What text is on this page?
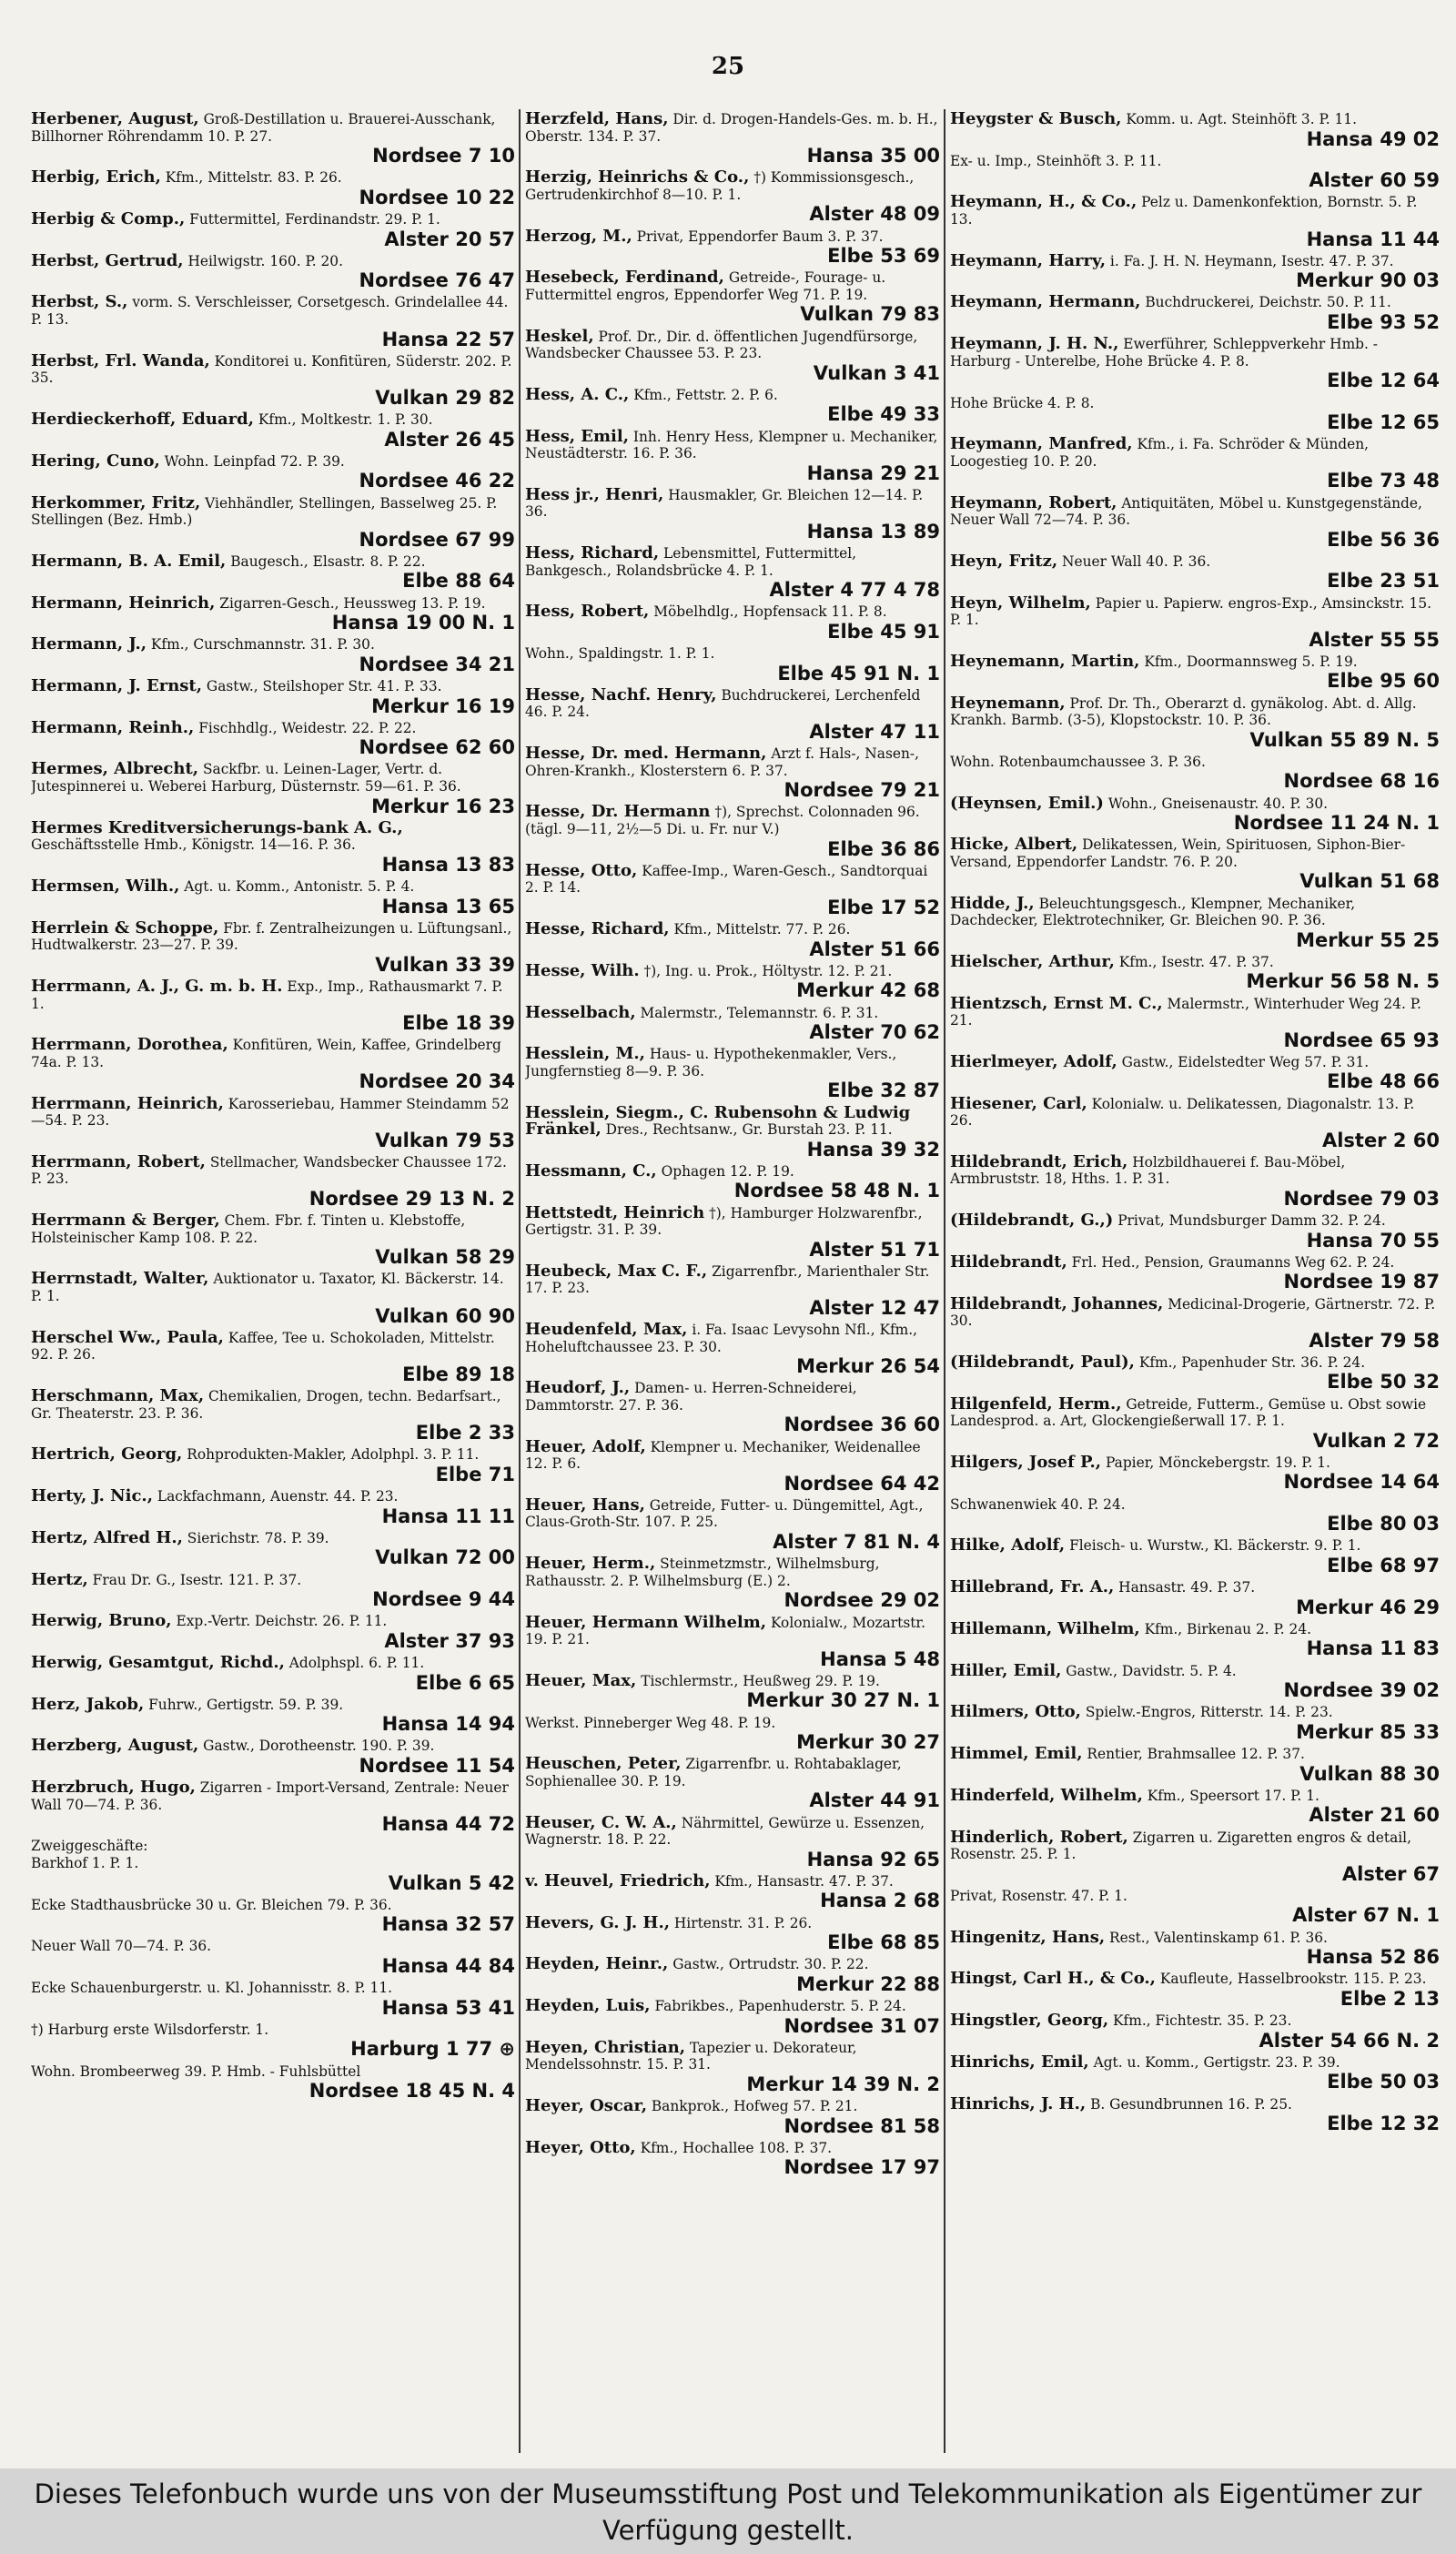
25
Herbener, August, Groß-Destillation u. Brauerei-Ausschank, Billhorner Röhrendamm 10. P. 27.
Nordsee 7 10
Herbig, Erich, Kfm., Mittelstr. 83. P. 26.
Nordsee 10 22
Herbig & Comp., Futtermittel, Ferdinandstr. 29. P. 1.
Alster 20 57
Herbst, Gertrud, Heilwigstr. 160. P. 20.
Nordsee 76 47
Herbst, S., vorm. S. Verschleisser, Corsetgesch. Grindelallee 44. P. 13.
Hansa 22 57
Herbst, Frl. Wanda, Konditorei u. Konfitüren, Süderstr. 202. P. 35.
Vulkan 29 82
Herdieckerhoff, Eduard, Kfm., Moltkestr. 1. P. 30.
Alster 26 45
Hering, Cuno, Wohn. Leinpfad 72. P. 39.
Nordsee 46 22
Herkommer, Fritz, Viehhändler, Stellingen, Basselweg 25. P. Stellingen (Bez. Hmb.)
Nordsee 67 99
Hermann, B. A. Emil, Baugesch., Elsastr. 8. P. 22.
Elbe 88 64
Hermann, Heinrich, Zigarren-Gesch., Heussweg 13. P. 19.
Hansa 19 00 N. 1
Hermann, J., Kfm., Curschmannstr. 31. P. 30.
Nordsee 34 21
Hermann, J. Ernst, Gastw., Steilshoper Str. 41. P. 33.
Merkur 16 19
Hermann, Reinh., Fischhdlg., Weidestr. 22. P. 22.
Nordsee 62 60
Hermes, Albrecht, Sackfbr. u. Leinen-Lager, Vertr. d. Jutespinnerei u. Weberei Harburg, Düsternstr. 59—61. P. 36.
Merkur 16 23
Hermes Kreditversicherungs-bank A. G., Geschäftsstelle Hmb., Königstr. 14—16. P. 36.
Hansa 13 83
Hermsen, Wilh., Agt. u. Komm., Antonistr. 5. P. 4.
Hansa 13 65
Herrlein & Schoppe, Fbr. f. Zentralheizungen u. Lüftungsanl., Hudtwalkerstr. 23—27. P. 39.
Vulkan 33 39
Herrmann, A. J., G. m. b. H. Exp., Imp., Rathausmarkt 7. P. 1.
Elbe 18 39
Herrmann, Dorothea, Konfitüren, Wein, Kaffee, Grindelberg 74a. P. 13.
Nordsee 20 34
Herrmann, Heinrich, Karosseriebau, Hammer Steindamm 52—54. P. 23.
Vulkan 79 53
Herrmann, Robert, Stellmacher, Wandsbecker Chaussee 172. P. 23.
Nordsee 29 13 N. 2
Herrmann & Berger, Chem. Fbr. f. Tinten u. Klebstoffe, Holsteinischer Kamp 108. P. 22.
Vulkan 58 29
Herrnstadt, Walter, Auktionator u. Taxator, Kl. Bäckerstr. 14. P. 1.
Vulkan 60 90
Herschel Ww., Paula, Kaffee, Tee u. Schokoladen, Mittelstr. 92. P. 26.
Elbe 89 18
Herschmann, Max, Chemikalien, Drogen, techn. Bedarfsart., Gr. Theaterstr. 23. P. 36.
Elbe 2 33
Hertrich, Georg, Rohprodukten-Makler, Adolphpl. 3. P. 11.
Elbe 71
Herty, J. Nic., Lackfachmann, Auenstr. 44. P. 23.
Hansa 11 11
Hertz, Alfred H., Sierichstr. 78. P. 39.
Vulkan 72 00
Hertz, Frau Dr. G., Isestr. 121. P. 37.
Nordsee 9 44
Herwig, Bruno, Exp.-Vertr. Deichstr. 26. P. 11.
Alster 37 93
Herwig, Gesamtgut, Richd., Adolphspl. 6. P. 11.
Elbe 6 65
Herz, Jakob, Fuhrw., Gertigstr. 59. P. 39.
Hansa 14 94
Herzberg, August, Gastw., Dorotheenstr. 190. P. 39.
Nordsee 11 54
Herzbruch, Hugo, Zigarren - Import-Versand, Zentrale: Neuer Wall 70—74. P. 36.
Hansa 44 72
Zweiggeschäfte:
Barkhof 1. P. 1.
Vulkan 5 42
Ecke Stadthausbrücke 30 u. Gr. Bleichen 79. P. 36.
Hansa 32 57
Neuer Wall 70—74. P. 36.
Hansa 44 84
Ecke Schauenburgerstr. u. Kl. Johannisstr. 8. P. 11.
Hansa 53 41
†) Harburg erste Wilsdorferstr. 1.
Harburg 1 77 ⊕
Wohn. Brombeerweg 39. P. Hmb. - Fuhlsbüttel
Nordsee 18 45 N. 4
Herzfeld, Hans, Dir. d. Drogen-Handels-Ges. m. b. H., Oberstr. 134. P. 37.
Hansa 35 00
Herzig, Heinrichs & Co., †) Kommissionsgesch., Gertrudenkirchhof 8—10. P. 1.
Alster 48 09
Herzog, M., Privat, Eppendorfer Baum 3. P. 37.
Elbe 53 69
Hesebeck, Ferdinand, Getreide-, Fourage- u. Futtermittel engros, Eppendorfer Weg 71. P. 19.
Vulkan 79 83
Heskel, Prof. Dr., Dir. d. öffentlichen Jugendfürsorge, Wandsbecker Chaussee 53. P. 23.
Vulkan 3 41
Hess, A. C., Kfm., Fettstr. 2. P. 6.
Elbe 49 33
Hess, Emil, Inh. Henry Hess, Klempner u. Mechaniker, Neustädterstr. 16. P. 36.
Hansa 29 21
Hess jr., Henri, Hausmakler, Gr. Bleichen 12—14. P. 36.
Hansa 13 89
Hess, Richard, Lebensmittel, Futtermittel, Bankgesch., Rolandsbrücke 4. P. 1.
Alster 4 77 4 78
Hess, Robert, Möbelhdlg., Hopfensack 11. P. 8.
Elbe 45 91
Wohn., Spaldingstr. 1. P. 1.
Elbe 45 91 N. 1
Hesse, Nachf. Henry, Buchdruckerei, Lerchenfeld 46. P. 24.
Alster 47 11
Hesse, Dr. med. Hermann, Arzt f. Hals-, Nasen-, Ohren-Krankh., Klosterstern 6. P. 37.
Nordsee 79 21
Hesse, Dr. Hermann †), Sprechst. Colonnaden 96. (tägl. 9—11, 2½—5 Di. u. Fr. nur V.)
Elbe 36 86
Hesse, Otto, Kaffee-Imp., Waren-Gesch., Sandtorquai 2. P. 14.
Elbe 17 52
Hesse, Richard, Kfm., Mittelstr. 77. P. 26.
Alster 51 66
Hesse, Wilh. †), Ing. u. Prok., Höltystr. 12. P. 21.
Merkur 42 68
Hesselbach, Malermstr., Telemannstr. 6. P. 31.
Alster 70 62
Hesslein, M., Haus- u. Hypothekenmakler, Vers., Jungfernstieg 8—9. P. 36.
Elbe 32 87
Hesslein, Siegm., C. Rubensohn & Ludwig Fränkel, Dres., Rechtsanw., Gr. Burstah 23. P. 11.
Hansa 39 32
Hessmann, C., Ophagen 12. P. 19.
Nordsee 58 48 N. 1
Hettstedt, Heinrich †), Hamburger Holzwarenfbr., Gertigstr. 31. P. 39.
Alster 51 71
Heubeck, Max C. F., Zigarrenfbr., Marienthaler Str. 17. P. 23.
Alster 12 47
Heudenfeld, Max, i. Fa. Isaac Levysohn Nfl., Kfm., Hoheluftchaussee 23. P. 30.
Merkur 26 54
Heudorf, J., Damen- u. Herren-Schneiderei, Dammtorstr. 27. P. 36.
Nordsee 36 60
Heuer, Adolf, Klempner u. Mechaniker, Weidenallee 12. P. 6.
Nordsee 64 42
Heuer, Hans, Getreide, Futter- u. Düngemittel, Agt., Claus-Groth-Str. 107. P. 25.
Alster 7 81 N. 4
Heuer, Herm., Steinmetzmstr., Wilhelmsburg, Rathausstr. 2. P. Wilhelmsburg (E.) 2.
Nordsee 29 02
Heuer, Hermann Wilhelm, Kolonialw., Mozartstr. 19. P. 21.
Hansa 5 48
Heuer, Max, Tischlermstr., Heußweg 29. P. 19.
Merkur 30 27 N. 1
Werkst. Pinneberger Weg 48. P. 19.
Merkur 30 27
Heuschen, Peter, Zigarrenfbr. u. Rohtabaklager, Sophienallee 30. P. 19.
Alster 44 91
Heuser, C. W. A., Nährmittel, Gewürze u. Essenzen, Wagnerstr. 18. P. 22.
Hansa 92 65
v. Heuvel, Friedrich, Kfm., Hansastr. 47. P. 37.
Hansa 2 68
Hevers, G. J. H., Hirtenstr. 31. P. 26.
Elbe 68 85
Heyden, Heinr., Gastw., Ortrudstr. 30. P. 22.
Merkur 22 88
Heyden, Luis, Fabrikbes., Papenhuderstr. 5. P. 24.
Nordsee 31 07
Heyen, Christian, Tapezier u. Dekorateur, Mendelssohnstr. 15. P. 31.
Merkur 14 39 N. 2
Heyer, Oscar, Bankprok., Hofweg 57. P. 21.
Nordsee 81 58
Heyer, Otto, Kfm., Hochallee 108. P. 37.
Nordsee 17 97
Heygster & Busch, Komm. u. Agt. Steinhöft 3. P. 11.
Hansa 49 02
Ex- u. Imp., Steinhöft 3. P. 11.
Alster 60 59
Heymann, H., & Co., Pelz u. Damenkonfektion, Bornstr. 5. P. 13.
Hansa 11 44
Heymann, Harry, i. Fa. J. H. N. Heymann, Isestr. 47. P. 37.
Merkur 90 03
Heymann, Hermann, Buchdruckerei, Deichstr. 50. P. 11.
Elbe 93 52
Heymann, J. H. N., Ewerführer, Schleppverkehr Hmb. - Harburg - Unterelbe, Hohe Brücke 4. P. 8.
Elbe 12 64
Hohe Brücke 4. P. 8.
Elbe 12 65
Heymann, Manfred, Kfm., i. Fa. Schröder & Münden, Loogestieg 10. P. 20.
Elbe 73 48
Heymann, Robert, Antiquitäten, Möbel u. Kunstgegenstände, Neuer Wall 72—74. P. 36.
Elbe 56 36
Heyn, Fritz, Neuer Wall 40. P. 36.
Elbe 23 51
Heyn, Wilhelm, Papier u. Papierw. engros-Exp., Amsinckstr. 15. P. 1.
Alster 55 55
Heynemann, Martin, Kfm., Doormannsweg 5. P. 19.
Elbe 95 60
Heynemann, Prof. Dr. Th., Oberarzt d. gynäkolog. Abt. d. Allg. Krankh. Barmb. (3-5), Klopstockstr. 10. P. 36.
Vulkan 55 89 N. 5
Wohn. Rotenbaumchaussee 3. P. 36.
Nordsee 68 16
(Heynsen, Emil.) Wohn., Gneisenaustr. 40. P. 30.
Nordsee 11 24 N. 1
Hicke, Albert, Delikatessen, Wein, Spirituosen, Siphon-Bier-Versand, Eppendorfer Landstr. 76. P. 20.
Vulkan 51 68
Hidde, J., Beleuchtungsgesch., Klempner, Mechaniker, Dachdecker, Elektrotechniker, Gr. Bleichen 90. P. 36.
Merkur 55 25
Hielscher, Arthur, Kfm., Isestr. 47. P. 37.
Merkur 56 58 N. 5
Hientzsch, Ernst M. C., Malermstr., Winterhuder Weg 24. P. 21.
Nordsee 65 93
Hierlmeyer, Adolf, Gastw., Eidelstedter Weg 57. P. 31.
Elbe 48 66
Hiesener, Carl, Kolonialw. u. Delikatessen, Diagonalstr. 13. P. 26.
Alster 2 60
Hildebrandt, Erich, Holzbildhauerei f. Bau-Möbel, Armbruststr. 18, Hths. 1. P. 31.
Nordsee 79 03
(Hildebrandt, G.,) Privat, Mundsburger Damm 32. P. 24.
Hansa 70 55
Hildebrandt, Frl. Hed., Pension, Graumanns Weg 62. P. 24.
Nordsee 19 87
Hildebrandt, Johannes, Medicinal-Drogerie, Gärtnerstr. 72. P. 30.
Alster 79 58
(Hildebrandt, Paul), Kfm., Papenhuder Str. 36. P. 24.
Elbe 50 32
Hilgenfeld, Herm., Getreide, Futterm., Gemüse u. Obst sowie Landesprod. a. Art, Glockengießerwall 17. P. 1.
Vulkan 2 72
Hilgers, Josef P., Papier, Mönckebergstr. 19. P. 1.
Nordsee 14 64
Schwanenwiek 40. P. 24.
Elbe 80 03
Hilke, Adolf, Fleisch- u. Wurstw., Kl. Bäckerstr. 9. P. 1.
Elbe 68 97
Hillebrand, Fr. A., Hansastr. 49. P. 37.
Merkur 46 29
Hillemann, Wilhelm, Kfm., Birkenau 2. P. 24.
Hansa 11 83
Hiller, Emil, Gastw., Davidstr. 5. P. 4.
Nordsee 39 02
Hilmers, Otto, Spielw.-Engros, Ritterstr. 14. P. 23.
Merkur 85 33
Himmel, Emil, Rentier, Brahmsallee 12. P. 37.
Vulkan 88 30
Hinderfeld, Wilhelm, Kfm., Speersort 17. P. 1.
Alster 21 60
Hinderlich, Robert, Zigarren u. Zigaretten engros & detail, Rosenstr. 25. P. 1.
Alster 67
Privat, Rosenstr. 47. P. 1.
Alster 67 N. 1
Hingenitz, Hans, Rest., Valentinskamp 61. P. 36.
Hansa 52 86
Hingst, Carl H., & Co., Kaufleute, Hasselbrookstr. 115. P. 23.
Elbe 2 13
Hingstler, Georg, Kfm., Fichtestr. 35. P. 23.
Alster 54 66 N. 2
Hinrichs, Emil, Agt. u. Komm., Gertigstr. 23. P. 39.
Elbe 50 03
Hinrichs, J. H., B. Gesundbrunnen 16. P. 25.
Elbe 12 32
Dieses Telefonbuch wurde uns von der Museumsstiftung Post und Telekommunikation als Eigentümer zur Verfügung gestellt.
